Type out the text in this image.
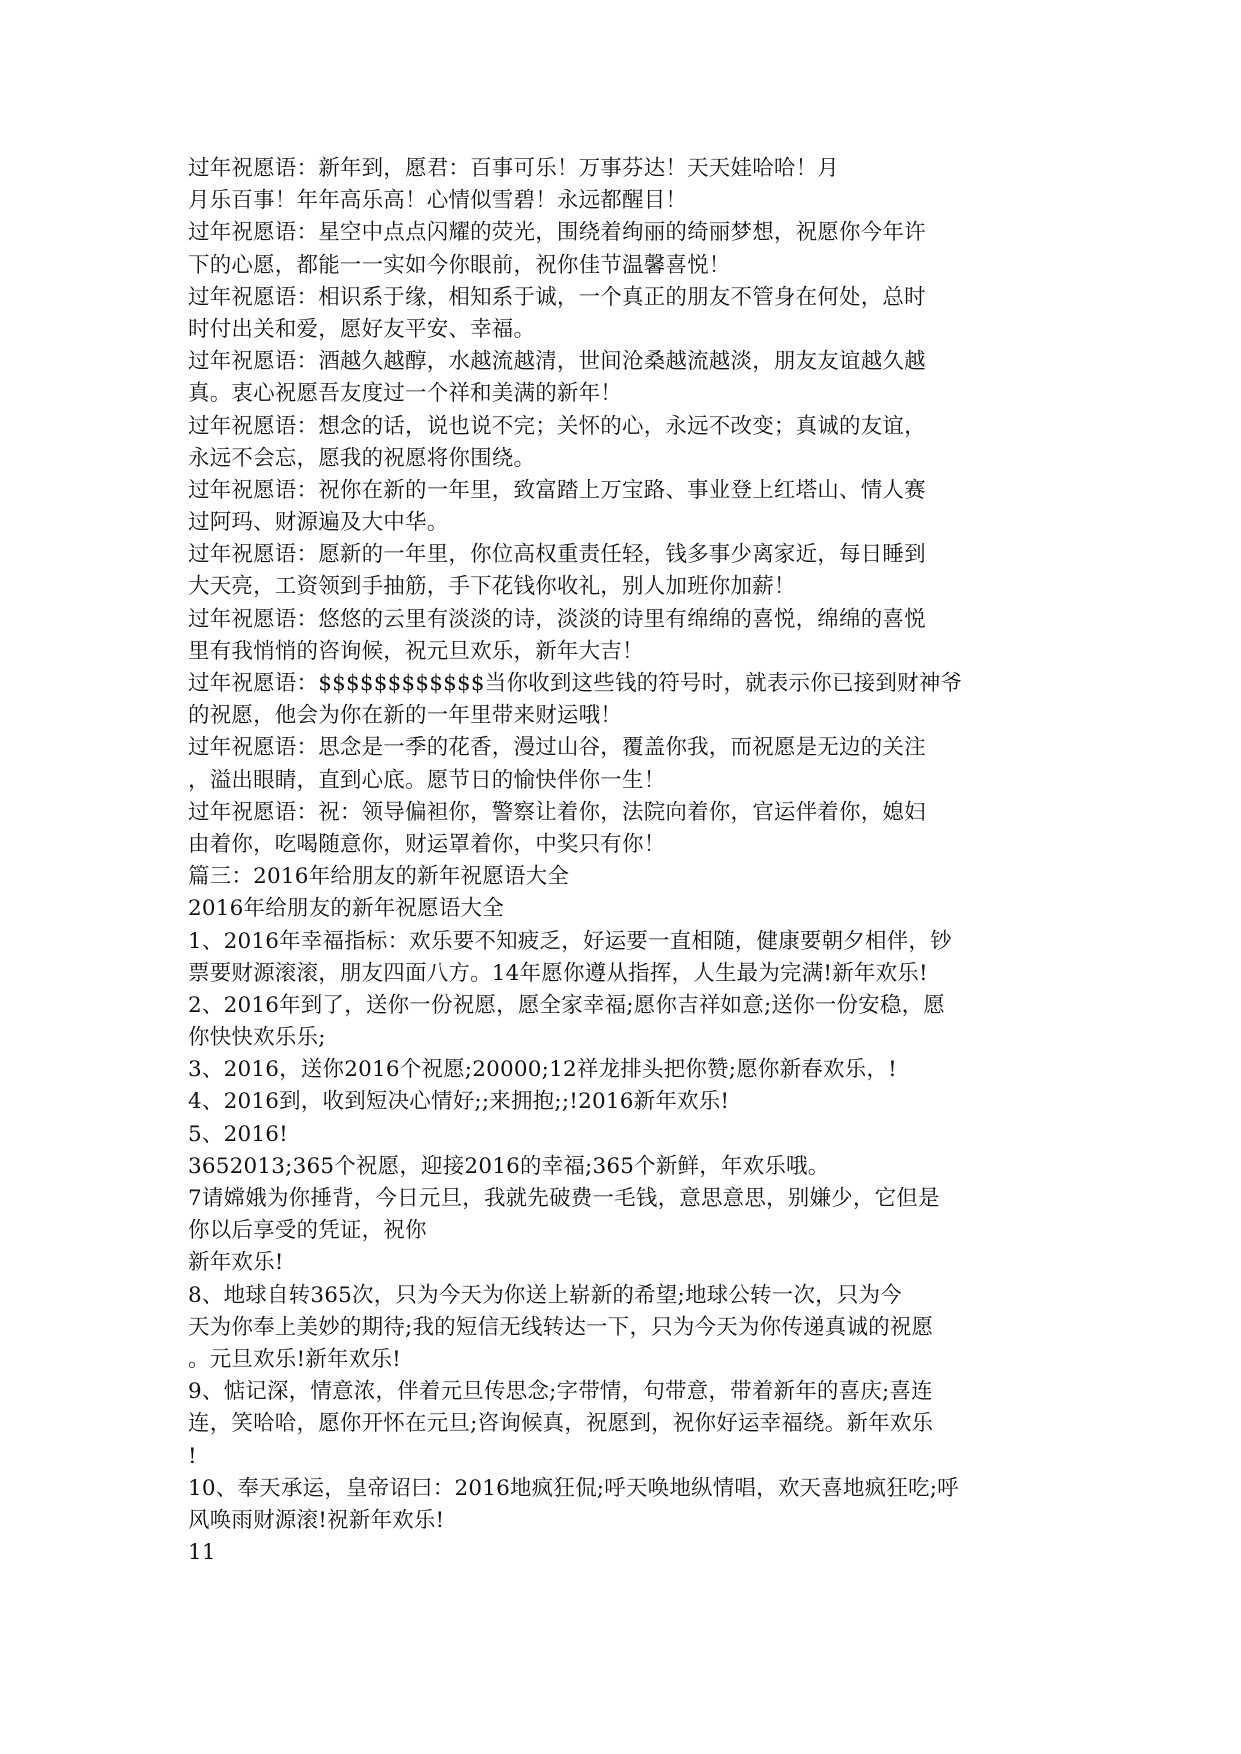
过年祝愿语：新年到，愿君：百事可乐！万事芬达！天天娃哈哈！月
月乐百事！年年高乐高！心情似雪碧！永远都醒目！
过年祝愿语：星空中点点闪耀的荧光，围绕着绚丽的绮丽梦想，祝愿你今年许
下的心愿，都能一一实如今你眼前，祝你佳节温馨喜悦！
过年祝愿语：相识系于缘，相知系于诚，一个真正的朋友不管身在何处，总时
时付出关和爱，愿好友平安、幸福。
过年祝愿语：酒越久越醇，水越流越清，世间沧桑越流越淡，朋友友谊越久越
真。衷心祝愿吾友度过一个祥和美满的新年！
过年祝愿语：想念的话，说也说不完；关怀的心，永远不改变；真诚的友谊，
永远不会忘，愿我的祝愿将你围绕。
过年祝愿语：祝你在新的一年里，致富踏上万宝路、事业登上红塔山、情人赛
过阿玛、财源遍及大中华。
过年祝愿语：愿新的一年里，你位高权重责任轻，钱多事少离家近，每日睡到
大天亮，工资领到手抽筋，手下花钱你收礼，别人加班你加薪！
过年祝愿语：悠悠的云里有淡淡的诗，淡淡的诗里有绵绵的喜悦，绵绵的喜悦
里有我悄悄的咨询候，祝元旦欢乐，新年大吉！
过年祝愿语：$$$$$$$$$$$$当你收到这些钱的符号时，就表示你已接到财神爷
的祝愿，他会为你在新的一年里带来财运哦！
过年祝愿语：思念是一季的花香，漫过山谷，覆盖你我，而祝愿是无边的关注
，溢出眼睛，直到心底。愿节日的愉快伴你一生！
过年祝愿语：祝：领导偏袒你，警察让着你，法院向着你，官运伴着你，媳妇
由着你，吃喝随意你，财运罩着你，中奖只有你！
篇三：2016年给朋友的新年祝愿语大全
2016年给朋友的新年祝愿语大全
1、2016年幸福指标：欢乐要不知疲乏，好运要一直相随，健康要朝夕相伴，钞
票要财源滚滚，朋友四面八方。14年愿你遵从指挥，人生最为完满!新年欢乐!
2、2016年到了，送你一份祝愿，愿全家幸福;愿你吉祥如意;送你一份安稳，愿
你快快欢乐乐;
3、2016，送你2016个祝愿;20000;12祥龙排头把你赞;愿你新春欢乐，!
4、2016到，收到短决心情好;;来拥抱;;!2016新年欢乐!
5、2016!
3652013;365个祝愿，迎接2016的幸福;365个新鲜，年欢乐哦。
7请嫦娥为你捶背，今日元旦，我就先破费一毛钱，意思意思，别嫌少，它但是
你以后享受的凭证，祝你
新年欢乐!
8、地球自转365次，只为今天为你送上崭新的希望;地球公转一次，只为今
天为你奉上美妙的期待;我的短信无线转达一下，只为今天为你传递真诚的祝愿
。元旦欢乐!新年欢乐!
9、惦记深，情意浓，伴着元旦传思念;字带情，句带意，带着新年的喜庆;喜连
连，笑哈哈，愿你开怀在元旦;咨询候真，祝愿到，祝你好运幸福绕。新年欢乐
!
10、奉天承运，皇帝诏曰：2016地疯狂侃;呼天唤地纵情唱，欢天喜地疯狂吃;呼
风唤雨财源滚!祝新年欢乐!
11
